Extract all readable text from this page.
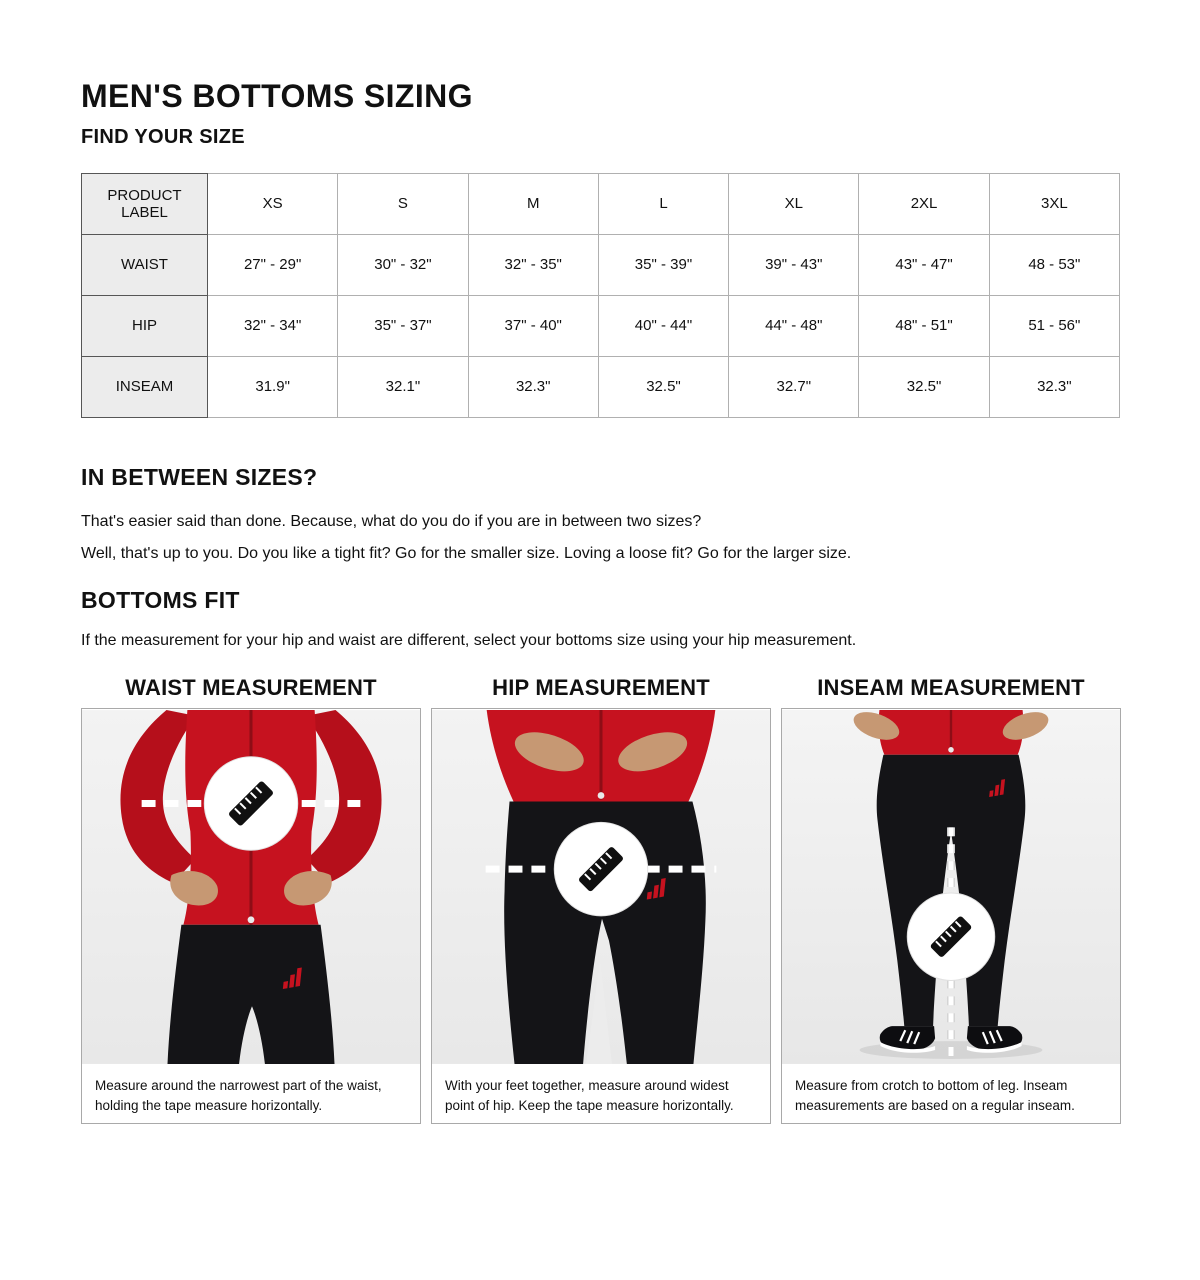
MEN'S BOTTOMS SIZING
FIND YOUR SIZE
PRODUCT LABEL	XS	S	M	L	XL	2XL	3XL
WAIST	27" - 29"	30" - 32"	32" - 35"	35" - 39"	39" - 43"	43" - 47"	48 - 53"
HIP	32" - 34"	35" - 37"	37" - 40"	40" - 44"	44" - 48"	48" - 51"	51 - 56"
INSEAM	31.9"	32.1"	32.3"	32.5"	32.7"	32.5"	32.3"
IN BETWEEN SIZES?

That's easier said than done. Because, what do you do if you are in between two sizes?

Well, that's up to you. Do you like a tight fit? Go for the smaller size. Loving a loose fit? Go for the larger size.

BOTTOMS FIT

If the measurement for your hip and waist are different, select your bottoms size using your hip measurement.

WAIST MEASUREMENT
Measure around the narrowest part of the waist, holding the tape measure horizontally.
HIP MEASUREMENT
With your feet together, measure around widest point of hip. Keep the tape measure horizontally.
INSEAM MEASUREMENT
Measure from crotch to bottom of leg. Inseam measurements are based on a regular inseam.
